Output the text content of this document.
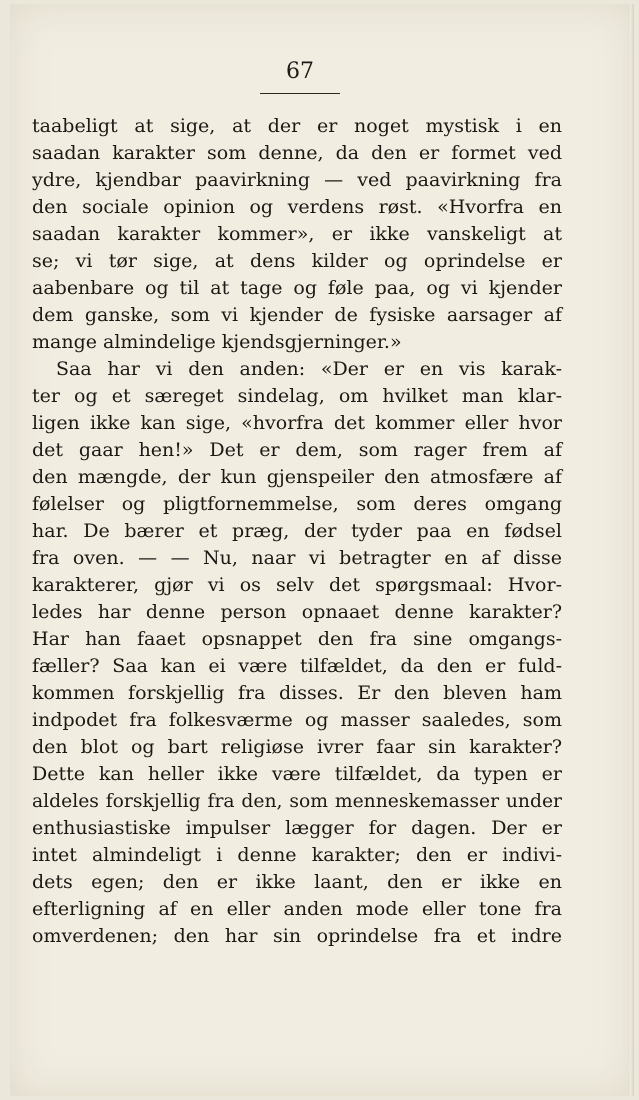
67
taabeligt at sige, at der er noget mystisk i en
saadan karakter som denne, da den er formet ved
ydre, kjendbar paavirkning — ved paavirkning fra
den sociale opinion og verdens røst. «Hvorfra en
saadan karakter kommer», er ikke vanskeligt at
se; vi tør sige, at dens kilder og oprindelse er
aabenbare og til at tage og føle paa, og vi kjender
dem ganske, som vi kjender de fysiske aarsager af
mange almindelige kjendsgjerninger.»
Saa har vi den anden: «Der er en vis karak-
ter og et særeget sindelag, om hvilket man klar-
ligen ikke kan sige, «hvorfra det kommer eller hvor
det gaar hen!» Det er dem, som rager frem af
den mængde, der kun gjenspeiler den atmosfære af
følelser og pligtfornemmelse, som deres omgang
har. De bærer et præg, der tyder paa en fødsel
fra oven. — — Nu, naar vi betragter en af disse
karakterer, gjør vi os selv det spørgsmaal: Hvor-
ledes har denne person opnaaet denne karakter?
Har han faaet opsnappet den fra sine omgangs-
fæller? Saa kan ei være tilfældet, da den er fuld-
kommen forskjellig fra disses. Er den bleven ham
indpodet fra folkesværme og masser saaledes, som
den blot og bart religiøse ivrer faar sin karakter?
Dette kan heller ikke være tilfældet, da typen er
aldeles forskjellig fra den, som menneskemasser under
enthusiastiske impulser lægger for dagen. Der er
intet almindeligt i denne karakter; den er indivi-
dets egen; den er ikke laant, den er ikke en
efterligning af en eller anden mode eller tone fra
omverdenen; den har sin oprindelse fra et indre
